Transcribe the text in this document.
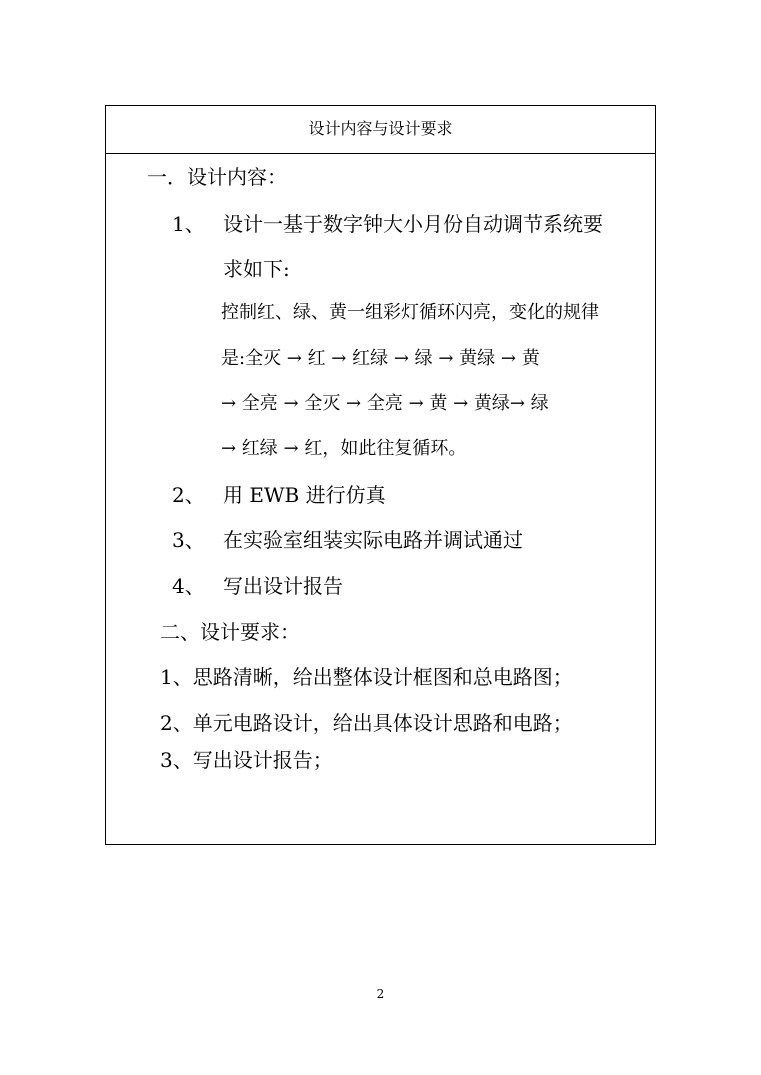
设计内容与设计要求
一．设计内容：
1、 设计一基于数字钟大小月份自动调节系统要
求如下:
控制红、绿、黄一组彩灯循环闪亮，变化的规律
是:全灭 → 红 → 红绿 → 绿 → 黄绿 → 黄
→ 全亮 → 全灭 → 全亮 → 黄 → 黄绿→ 绿
→ 红绿 → 红，如此往复循环。
2、 用 EWB 进行仿真
3、 在实验室组装实际电路并调试通过
4、 写出设计报告
二、设计要求：
1、思路清晰，给出整体设计框图和总电路图；
2、单元电路设计，给出具体设计思路和电路；
3、写出设计报告；
2
